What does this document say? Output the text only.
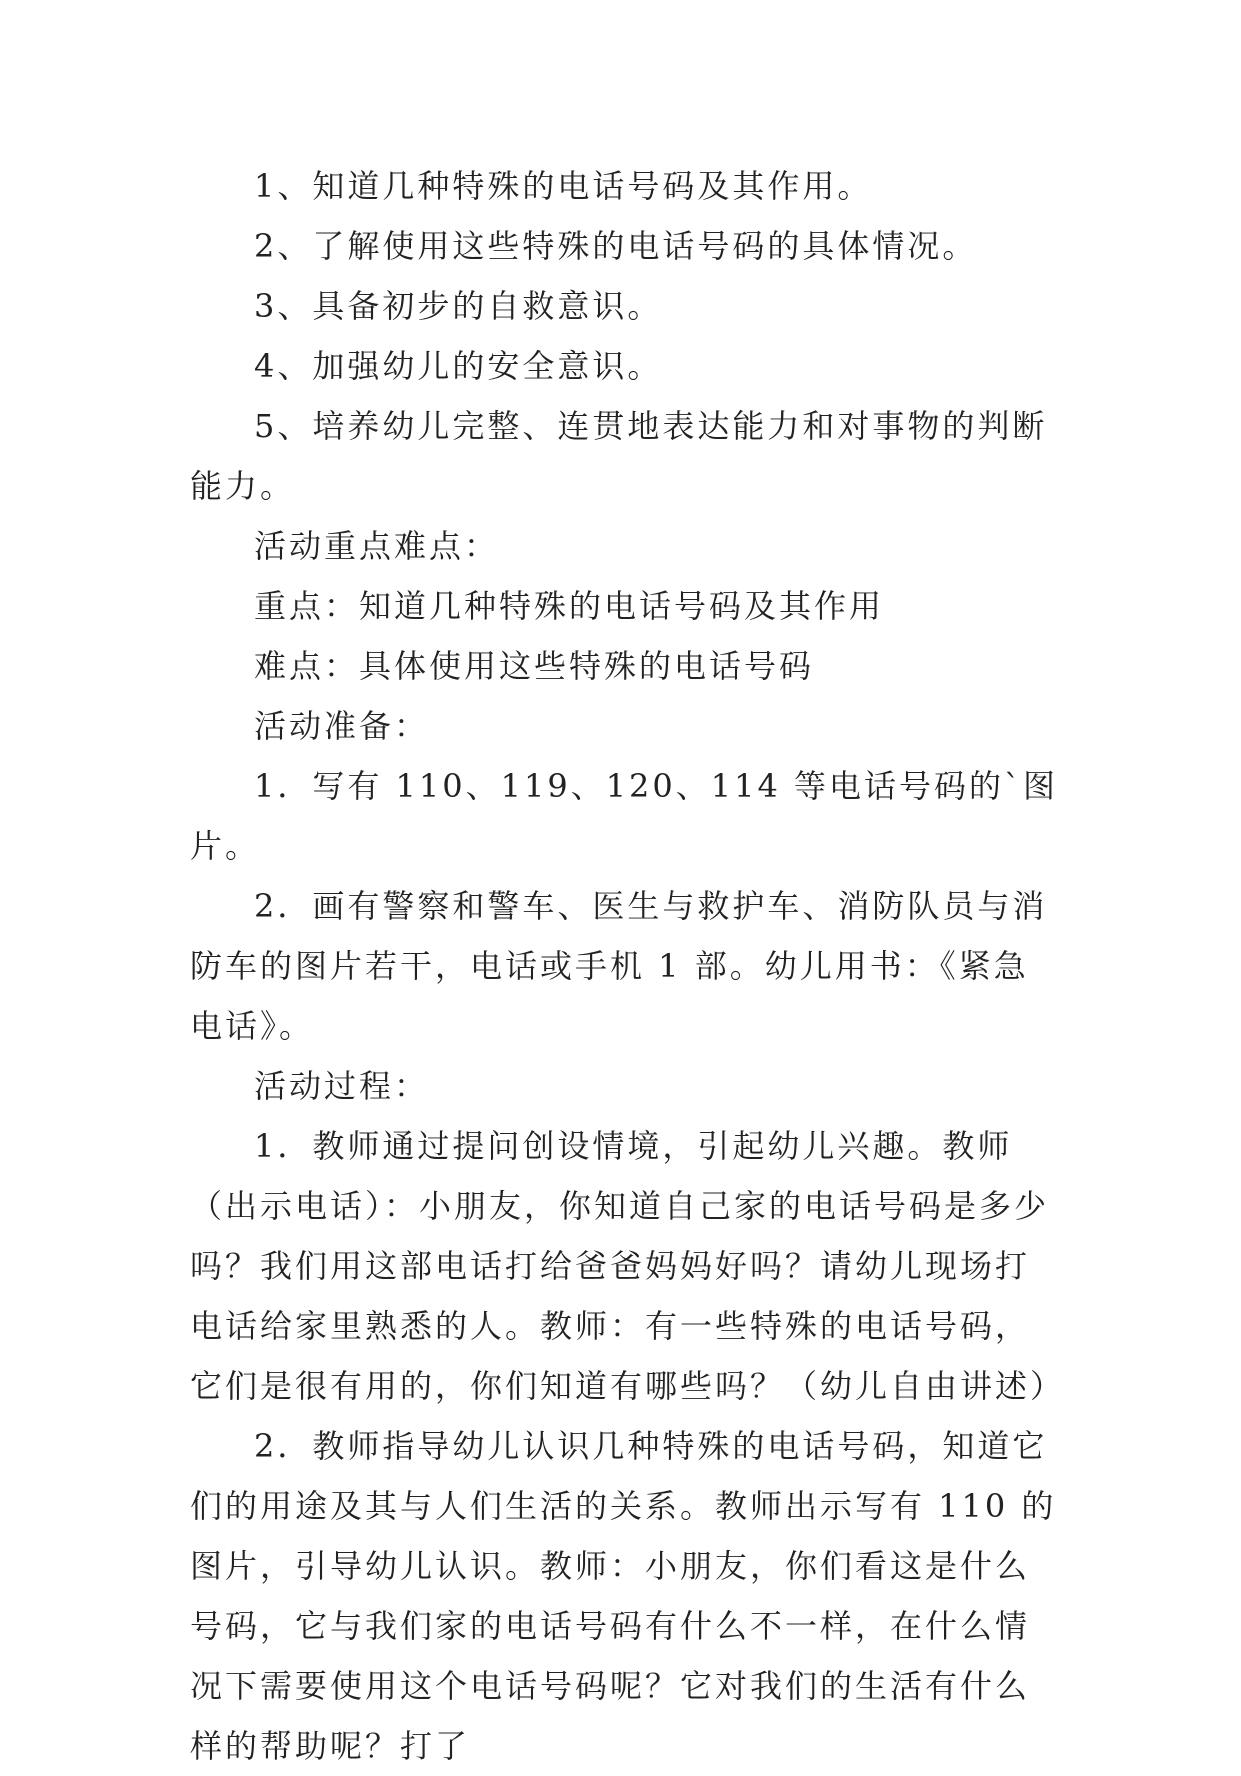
1、知道几种特殊的电话号码及其作用。

2、了解使用这些特殊的电话号码的具体情况。

3、具备初步的自救意识。

4、加强幼儿的安全意识。

5、培养幼儿完整、连贯地表达能力和对事物的判断能力。

活动重点难点：

重点：知道几种特殊的电话号码及其作用

难点：具体使用这些特殊的电话号码

活动准备：

1．写有 110、119、120、114 等电话号码的`图片。

2．画有警察和警车、医生与救护车、消防队员与消防车的图片若干，电话或手机 1 部。幼儿用书：《紧急电话》。

活动过程：

1．教师通过提问创设情境，引起幼儿兴趣。教师（出示电话）：小朋友，你知道自己家的电话号码是多少吗？我们用这部电话打给爸爸妈妈好吗？请幼儿现场打电话给家里熟悉的人。教师：有一些特殊的电话号码，它们是很有用的，你们知道有哪些吗？（幼儿自由讲述）

2．教师指导幼儿认识几种特殊的电话号码，知道它们的用途及其与人们生活的关系。教师出示写有 110 的图片，引导幼儿认识。教师：小朋友，你们看这是什么号码，它与我们家的电话号码有什么不一样，在什么情况下需要使用这个电话号码呢？它对我们的生活有什么样的帮助呢？打了
